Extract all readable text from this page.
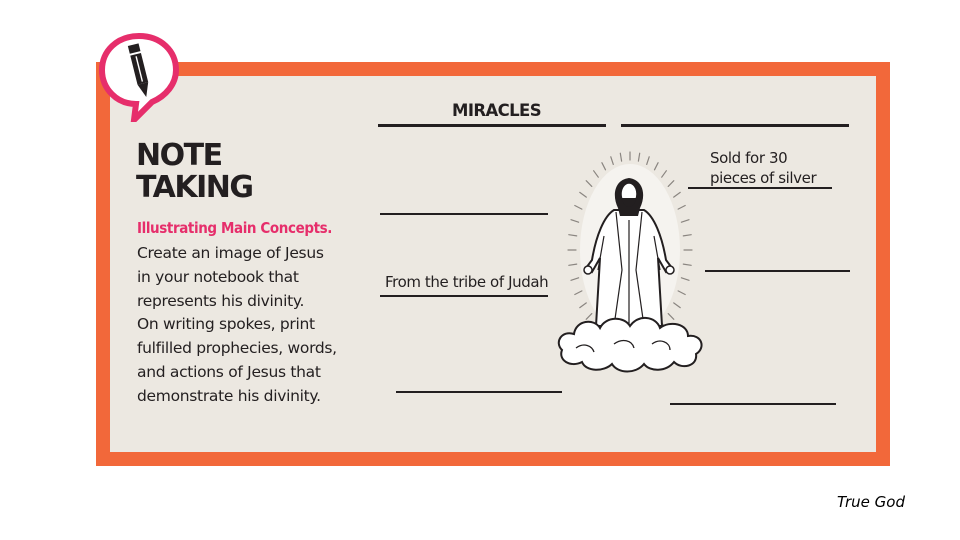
NOTE
TAKING
Illustrating Main Concepts.
Create an image of Jesus
in your notebook that
represents his divinity.
On writing spokes, print
fulfilled prophecies, words,
and actions of Jesus that
demonstrate his divinity.
MIRACLES
Sold for 30
pieces of silver
From the tribe of Judah
True God
